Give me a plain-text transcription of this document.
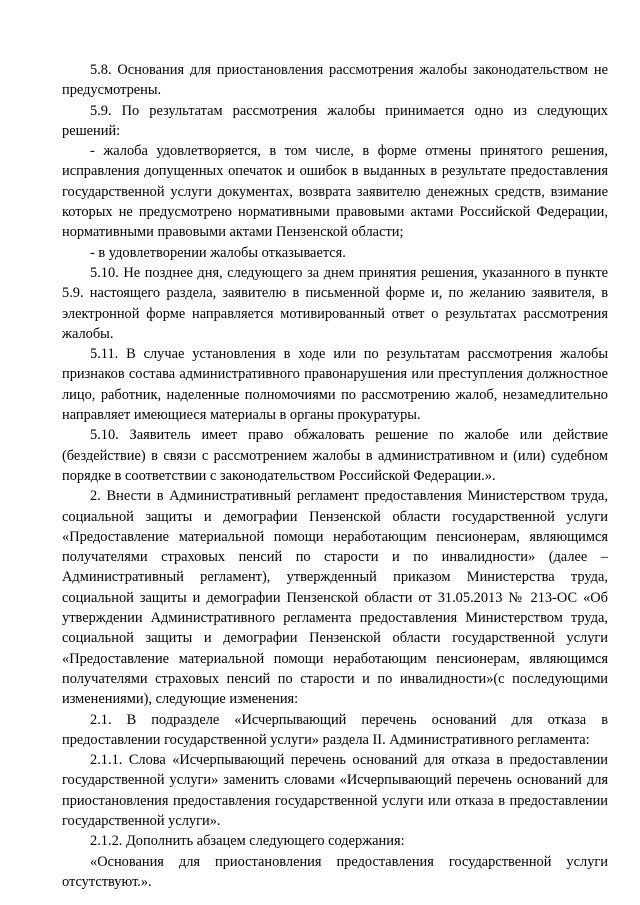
5.8. Основания для приостановления рассмотрения жалобы законодательством не предусмотрены.

5.9. По результатам рассмотрения жалобы принимается одно из следующих решений:

- жалоба удовлетворяется, в том числе, в форме отмены принятого решения, исправления допущенных опечаток и ошибок в выданных в результате предоставления государственной услуги документах, возврата заявителю денежных средств, взимание которых не предусмотрено нормативными правовыми актами Российской Федерации, нормативными правовыми актами Пензенской области;

- в удовлетворении жалобы отказывается.

5.10. Не позднее дня, следующего за днем принятия решения, указанного в пункте 5.9. настоящего раздела, заявителю в письменной форме и, по желанию заявителя, в электронной форме направляется мотивированный ответ о результатах рассмотрения жалобы.

5.11. В случае установления в ходе или по результатам рассмотрения жалобы признаков состава административного правонарушения или преступления должностное лицо, работник, наделенные полномочиями по рассмотрению жалоб, незамедлительно направляет имеющиеся материалы в органы прокуратуры.

5.10. Заявитель имеет право обжаловать решение по жалобе или действие (бездействие) в связи с рассмотрением жалобы в административном и (или) судебном порядке в соответствии с законодательством Российской Федерации.».

2. Внести в Административный регламент предоставления Министерством труда, социальной защиты и демографии Пензенской области государственной услуги «Предоставление материальной помощи неработающим пенсионерам, являющимся получателями страховых пенсий по старости и по инвалидности» (далее – Административный регламент), утвержденный приказом Министерства труда, социальной защиты и демографии Пензенской области от 31.05.2013 № 213-ОС «Об утверждении Административного регламента предоставления Министерством труда, социальной защиты и демографии Пензенской области государственной услуги «Предоставление материальной помощи неработающим пенсионерам, являющимся получателями страховых пенсий по старости и по инвалидности»(с последующими изменениями), следующие изменения:

2.1. В подразделе «Исчерпывающий перечень оснований для отказа в предоставлении государственной услуги» раздела II. Административного регламента:

2.1.1. Слова «Исчерпывающий перечень оснований для отказа в предоставлении государственной услуги» заменить словами «Исчерпывающий перечень оснований для приостановления предоставления государственной услуги или отказа в предоставлении государственной услуги».

2.1.2. Дополнить абзацем следующего содержания:

«Основания для приостановления предоставления государственной услуги отсутствуют.».
